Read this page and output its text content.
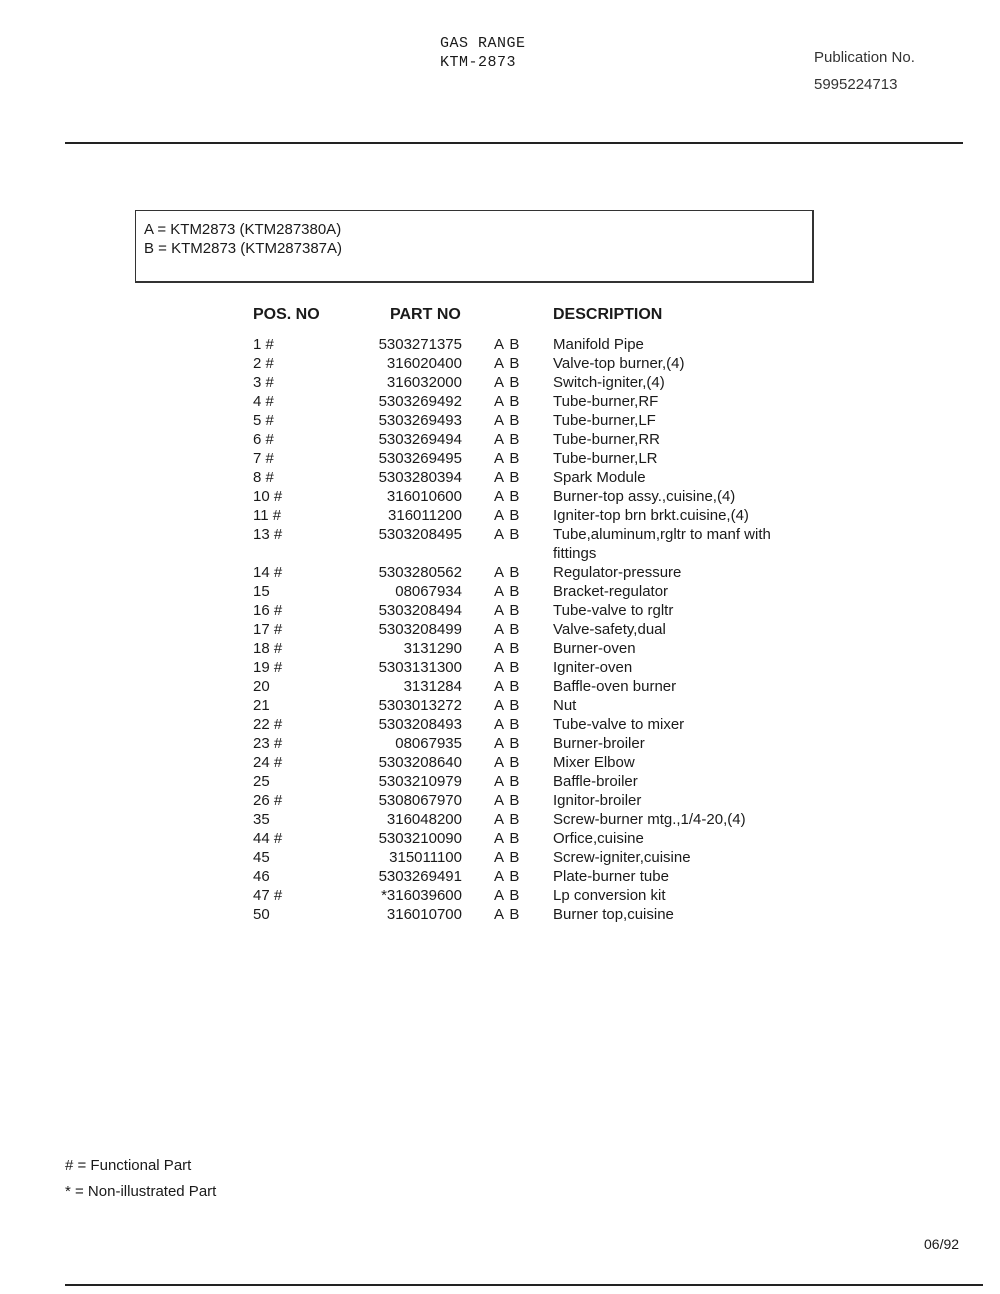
GAS RANGE
KTM-2873	Publication No.
5995224713
A = KTM2873 (KTM287380A)
B = KTM2873 (KTM287387A)
POS. NO	PART NO	DESCRIPTION
1 #	5303271375 A B Manifold Pipe
2 #	316020400 A B Valve-top burner,(4)
3 #	316032000 A B Switch-igniter,(4)
4 #	5303269492 A B Tube-burner,RF
5 #	5303269493 A B Tube-burner,LF
6 #	5303269494 A B Tube-burner,RR
7 #	5303269495 A B Tube-burner,LR
8 #	5303280394 A B Spark Module
10 #	316010600 A B Burner-top assy.,cuisine,(4)
11 #	316011200 A B Igniter-top brn brkt.cuisine,(4)
13 #	5303208495 A B Tube,aluminum,rgltr to manf with fittings
14 #	5303280562 A B Regulator-pressure
15	08067934 A B Bracket-regulator
16 #	5303208494 A B Tube-valve to rgltr
17 #	5303208499 A B Valve-safety,dual
18 #	3131290 A B Burner-oven
19 #	5303131300 A B Igniter-oven
20	3131284 A B Baffle-oven burner
21	5303013272 A B Nut
22 #	5303208493 A B Tube-valve to mixer
23 #	08067935 A B Burner-broiler
24 #	5303208640 A B Mixer Elbow
25	5303210979 A B Baffle-broiler
26 #	5308067970 A B Ignitor-broiler
35	316048200 A B Screw-burner mtg.,1/4-20,(4)
44 #	5303210090 A B Orfice,cuisine
45	315011100 A B Screw-igniter,cuisine
46	5303269491 A B Plate-burner tube
47 #	*316039600 A B Lp conversion kit
50	316010700 A B Burner top,cuisine
# = Functional Part
* = Non-illustrated Part
06/92
